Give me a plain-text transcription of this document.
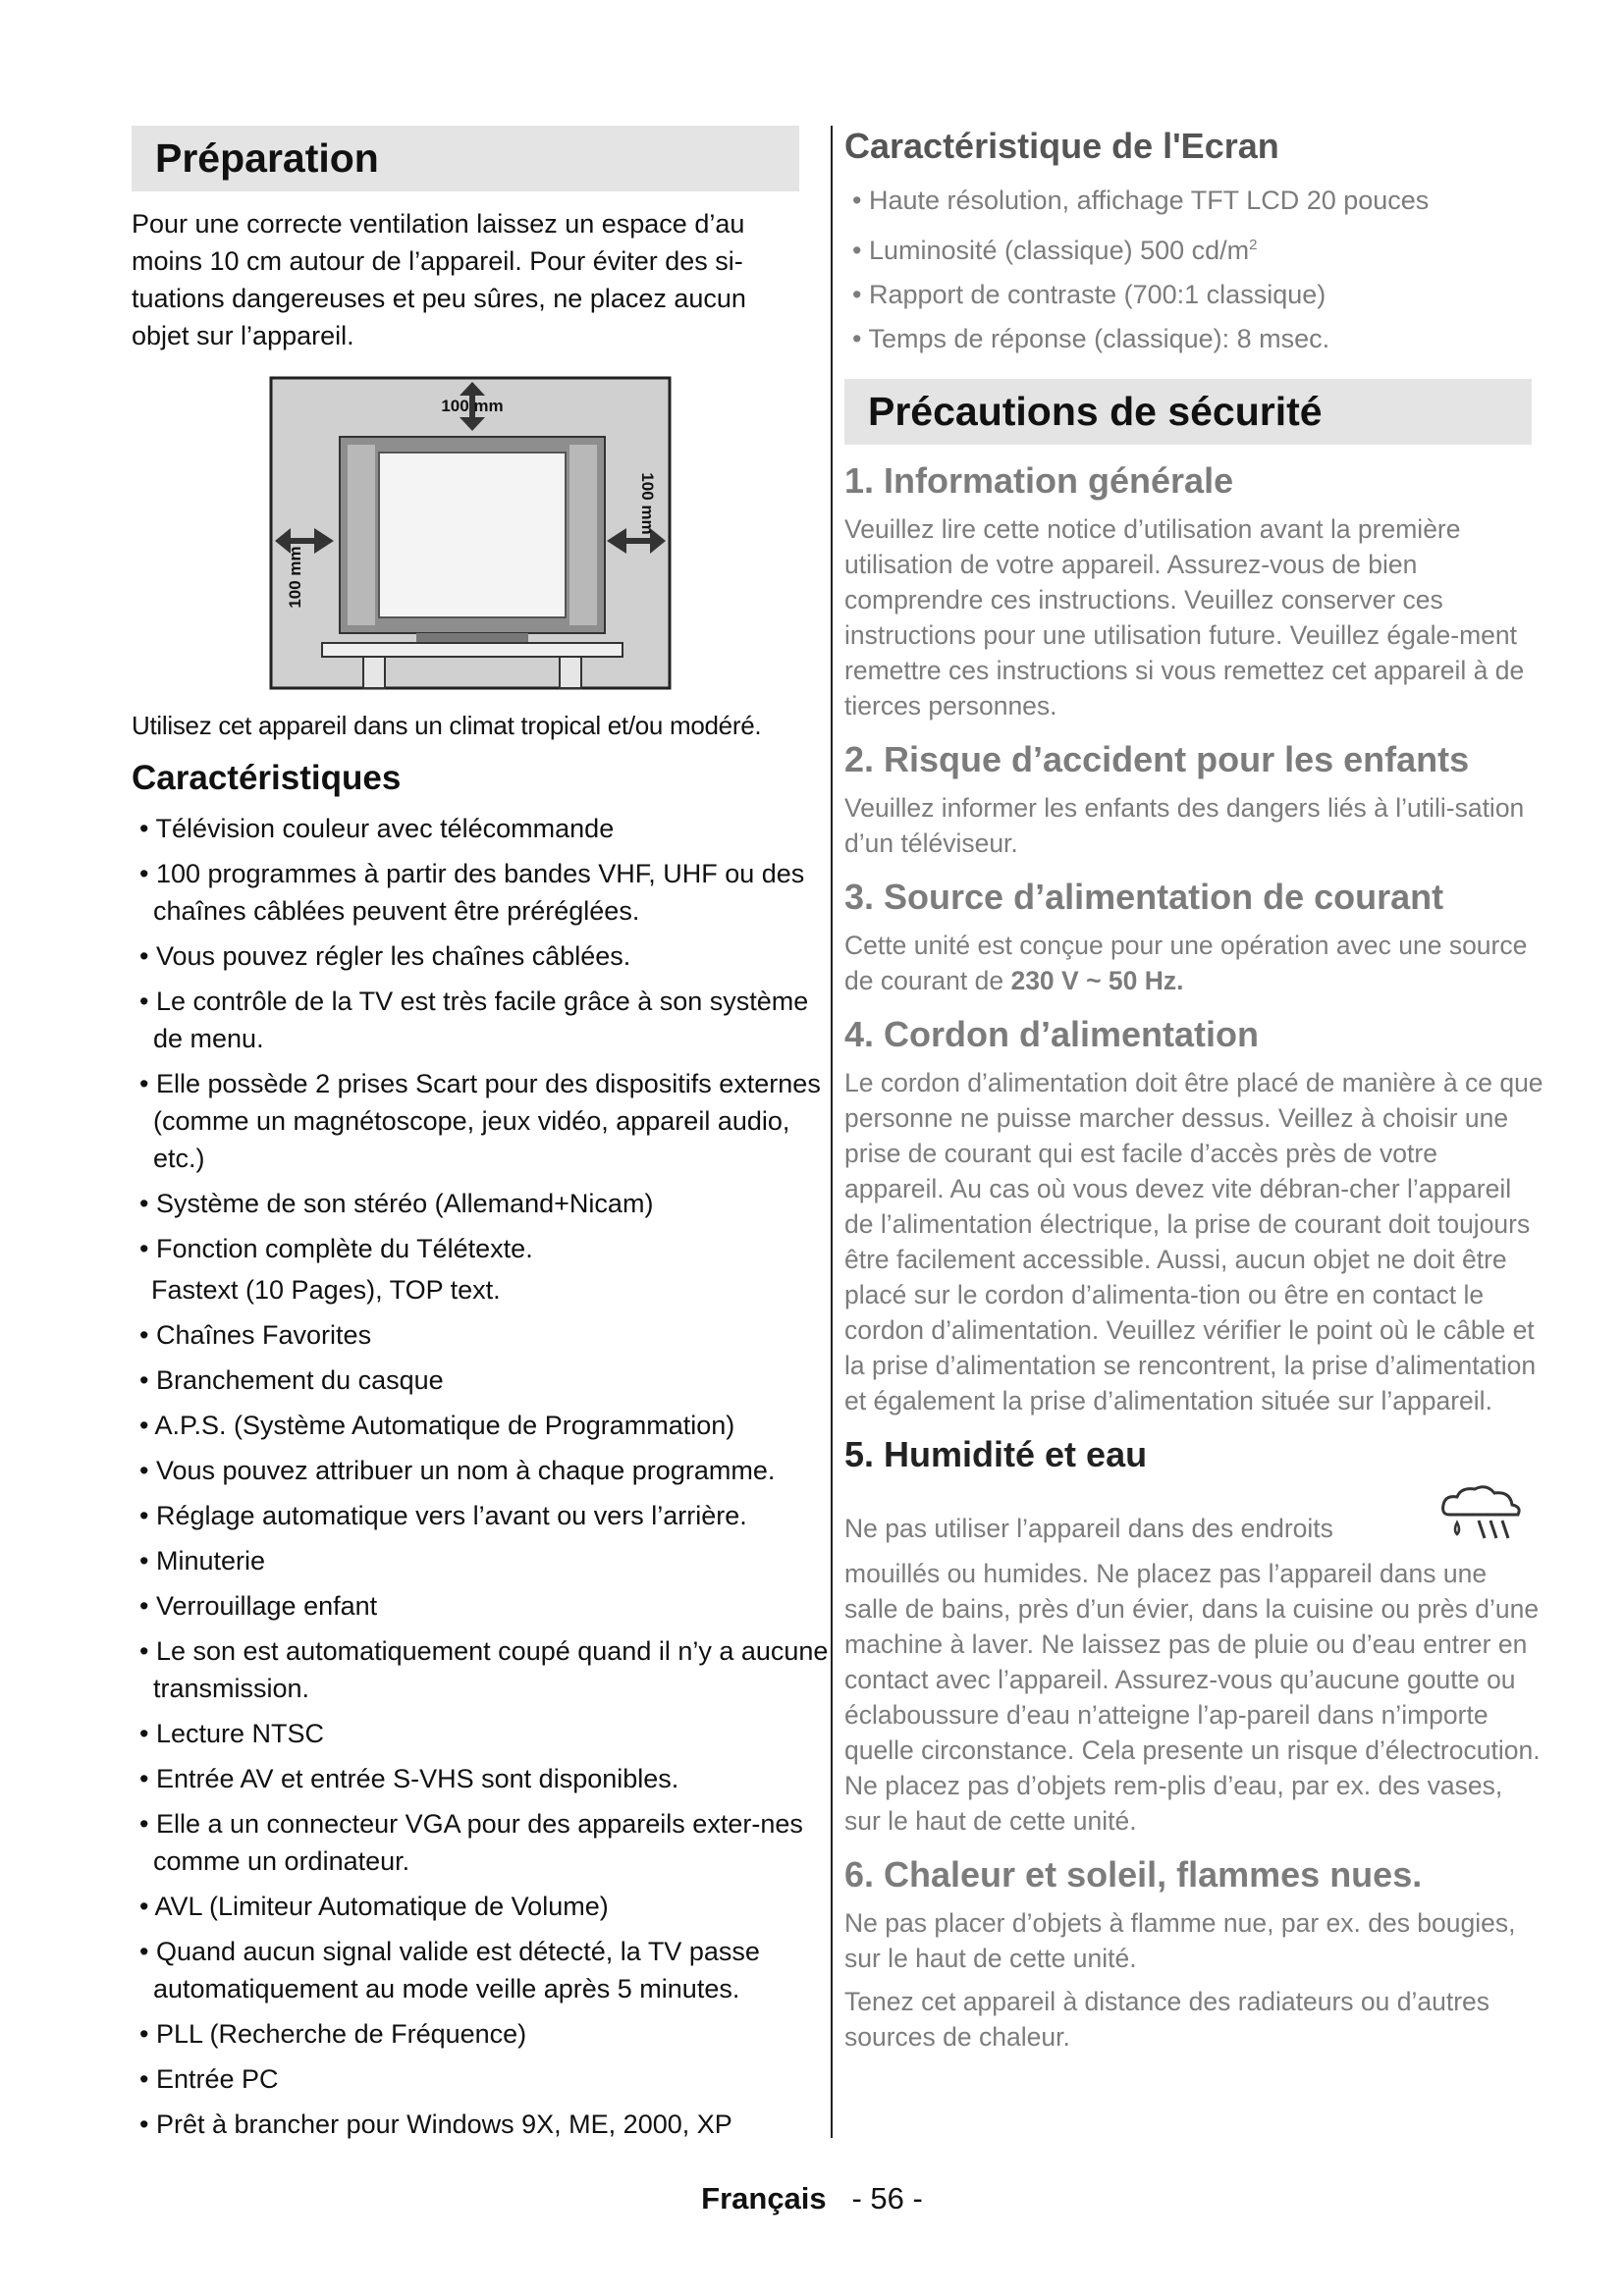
Préparation

Pour une correcte ventilation laissez un espace d’au moins 10 cm autour de l’appareil. Pour éviter des si-tuations dangereuses et peu sûres, ne placez aucun objet sur l’appareil.

100 mm
100 mm
100 mm

Utilisez cet appareil dans un climat tropical et/ou modéré.

Caractéristiques
• Télévision couleur avec télécommande
• 100 programmes à partir des bandes VHF, UHF ou des chaînes câblées peuvent être préréglées.
• Vous pouvez régler les chaînes câblées.
• Le contrôle de la TV est très facile grâce à son système de menu.
• Elle possède 2 prises Scart pour des dispositifs externes (comme un magnétoscope, jeux vidéo, appareil audio, etc.)
• Système de son stéréo (Allemand+Nicam)
• Fonction complète du Télétexte.

Fastext (10 Pages), TOP text.

• Chaînes Favorites
• Branchement du casque
• A.P.S. (Système Automatique de Programmation)
• Vous pouvez attribuer un nom à chaque programme.
• Réglage automatique vers l’avant ou vers l’arrière.
• Minuterie
• Verrouillage enfant
• Le son est automatiquement coupé quand il n’y a aucune transmission.
• Lecture NTSC
• Entrée AV et entrée S-VHS sont disponibles.
• Elle a un connecteur VGA pour des appareils exter-nes comme un ordinateur.
• AVL (Limiteur Automatique de Volume)
• Quand aucun signal valide est détecté, la TV passe automatiquement au mode veille après 5 minutes.
• PLL (Recherche de Fréquence)
• Entrée PC
• Prêt à brancher pour Windows 9X, ME, 2000, XP
Caractéristique de l'Ecran
• Haute résolution, affichage TFT LCD 20 pouces
• Luminosité (classique) 500 $cd/m^2$
• Rapport de contraste (700:1 classique)
• Temps de réponse (classique): 8 msec.
Précautions de sécurité
1. Information générale

Veuillez lire cette notice d’utilisation avant la première utilisation de votre appareil. Assurez-vous de bien comprendre ces instructions. Veuillez conserver ces instructions pour une utilisation future. Veuillez égale-ment remettre ces instructions si vous remettez cet appareil à de tierces personnes.

2. Risque d’accident pour les enfants

Veuillez informer les enfants des dangers liés à l’utili-sation d’un téléviseur.

3. Source d’alimentation de courant

Cette unité est conçue pour une opération avec une source de courant de 230 V ~ 50 Hz.

4. Cordon d’alimentation

Le cordon d’alimentation doit être placé de manière à ce que personne ne puisse marcher dessus. Veillez à choisir une prise de courant qui est facile d’accès près de votre appareil. Au cas où vous devez vite débran-cher l’appareil de l’alimentation électrique, la prise de courant doit toujours être facilement accessible. Aussi, aucun objet ne doit être placé sur le cordon d’alimenta-tion ou être en contact le cordon d’alimentation. Veuillez vérifier le point où le câble et la prise d’alimentation se rencontrent, la prise d’alimentation et également la prise d’alimentation située sur l’appareil.

5. Humidité et eau

Ne pas utiliser l’appareil dans des endroits

mouillés ou humides. Ne placez pas l’appareil dans une salle de bains, près d’un évier, dans la cuisine ou près d’une machine à laver. Ne laissez pas de pluie ou d’eau entrer en contact avec l’appareil. Assurez-vous qu’aucune goutte ou éclaboussure d’eau n’atteigne l’ap-pareil dans n’importe quelle circonstance. Cela presente un risque d’électrocution. Ne placez pas d’objets rem-plis d’eau, par ex. des vases, sur le haut de cette unité.

6. Chaleur et soleil, flammes nues.

Ne pas placer d’objets à flamme nue, par ex. des bougies, sur le haut de cette unité.

Tenez cet appareil à distance des radiateurs ou d’autres sources de chaleur.

Français - 56 -
